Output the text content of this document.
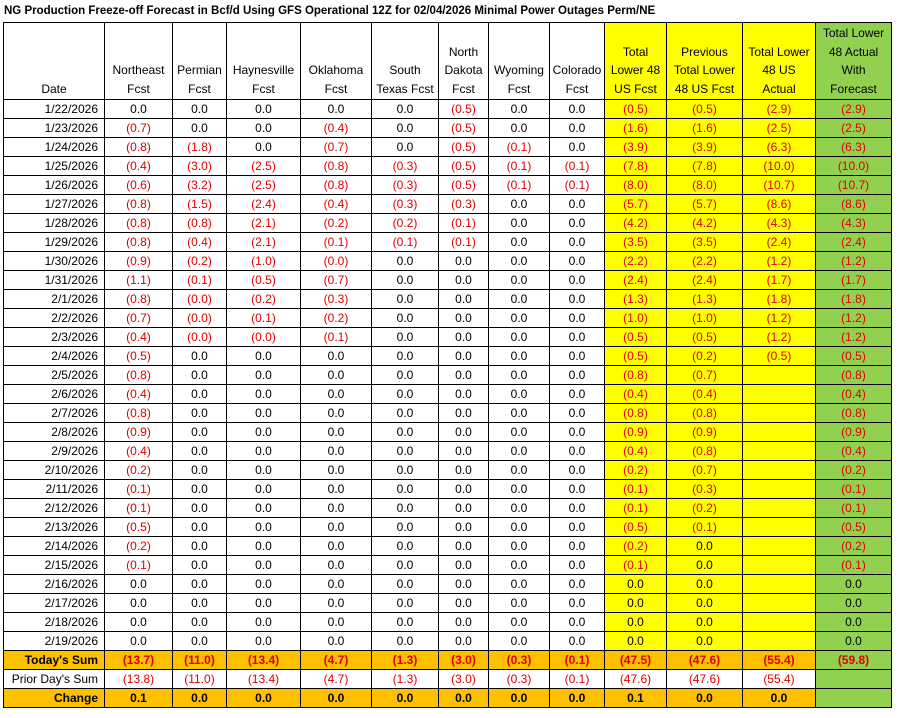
NG Production Freeze-off Forecast in Bcf/d Using GFS Operational 12Z for 02/04/2026 Minimal Power Outages Perm/NE
Date	Northeast Fcst	Permian Fcst	Haynesville Fcst	Oklahoma Fcst	South Texas Fcst	North Dakota Fcst	Wyoming Fcst	Colorado Fcst	Total Lower 48 US Fcst	Previous Total Lower 48 US Fcst	Total Lower 48 US Actual	Total Lower 48 Actual With Forecast
1/22/2026	0.0	0.0	0.0	0.0	0.0	(0.5)	0.0	0.0	(0.5)	(0.5)	(2.9)	(2.9)
1/23/2026	(0.7)	0.0	0.0	(0.4)	0.0	(0.5)	0.0	0.0	(1.6)	(1.6)	(2.5)	(2.5)
1/24/2026	(0.8)	(1.8)	0.0	(0.7)	0.0	(0.5)	(0.1)	0.0	(3.9)	(3.9)	(6.3)	(6.3)
1/25/2026	(0.4)	(3.0)	(2.5)	(0.8)	(0.3)	(0.5)	(0.1)	(0.1)	(7.8)	(7.8)	(10.0)	(10.0)
1/26/2026	(0.6)	(3.2)	(2.5)	(0.8)	(0.3)	(0.5)	(0.1)	(0.1)	(8.0)	(8.0)	(10.7)	(10.7)
1/27/2026	(0.8)	(1.5)	(2.4)	(0.4)	(0.3)	(0.3)	0.0	0.0	(5.7)	(5.7)	(8.6)	(8.6)
1/28/2026	(0.8)	(0.8)	(2.1)	(0.2)	(0.2)	(0.1)	0.0	0.0	(4.2)	(4.2)	(4.3)	(4.3)
1/29/2026	(0.8)	(0.4)	(2.1)	(0.1)	(0.1)	(0.1)	0.0	0.0	(3.5)	(3.5)	(2.4)	(2.4)
1/30/2026	(0.9)	(0.2)	(1.0)	(0.0)	0.0	0.0	0.0	0.0	(2.2)	(2.2)	(1.2)	(1.2)
1/31/2026	(1.1)	(0.1)	(0.5)	(0.7)	0.0	0.0	0.0	0.0	(2.4)	(2.4)	(1.7)	(1.7)
2/1/2026	(0.8)	(0.0)	(0.2)	(0.3)	0.0	0.0	0.0	0.0	(1.3)	(1.3)	(1.8)	(1.8)
2/2/2026	(0.7)	(0.0)	(0.1)	(0.2)	0.0	0.0	0.0	0.0	(1.0)	(1.0)	(1.2)	(1.2)
2/3/2026	(0.4)	(0.0)	(0.0)	(0.1)	0.0	0.0	0.0	0.0	(0.5)	(0.5)	(1.2)	(1.2)
2/4/2026	(0.5)	0.0	0.0	0.0	0.0	0.0	0.0	0.0	(0.5)	(0.2)	(0.5)	(0.5)
2/5/2026	(0.8)	0.0	0.0	0.0	0.0	0.0	0.0	0.0	(0.8)	(0.7)		(0.8)
2/6/2026	(0.4)	0.0	0.0	0.0	0.0	0.0	0.0	0.0	(0.4)	(0.4)		(0.4)
2/7/2026	(0.8)	0.0	0.0	0.0	0.0	0.0	0.0	0.0	(0.8)	(0.8)		(0.8)
2/8/2026	(0.9)	0.0	0.0	0.0	0.0	0.0	0.0	0.0	(0.9)	(0.9)		(0.9)
2/9/2026	(0.4)	0.0	0.0	0.0	0.0	0.0	0.0	0.0	(0.4)	(0.8)		(0.4)
2/10/2026	(0.2)	0.0	0.0	0.0	0.0	0.0	0.0	0.0	(0.2)	(0.7)		(0.2)
2/11/2026	(0.1)	0.0	0.0	0.0	0.0	0.0	0.0	0.0	(0.1)	(0.3)		(0.1)
2/12/2026	(0.1)	0.0	0.0	0.0	0.0	0.0	0.0	0.0	(0.1)	(0.2)		(0.1)
2/13/2026	(0.5)	0.0	0.0	0.0	0.0	0.0	0.0	0.0	(0.5)	(0.1)		(0.5)
2/14/2026	(0.2)	0.0	0.0	0.0	0.0	0.0	0.0	0.0	(0.2)	0.0		(0.2)
2/15/2026	(0.1)	0.0	0.0	0.0	0.0	0.0	0.0	0.0	(0.1)	0.0		(0.1)
2/16/2026	0.0	0.0	0.0	0.0	0.0	0.0	0.0	0.0	0.0	0.0		0.0
2/17/2026	0.0	0.0	0.0	0.0	0.0	0.0	0.0	0.0	0.0	0.0		0.0
2/18/2026	0.0	0.0	0.0	0.0	0.0	0.0	0.0	0.0	0.0	0.0		0.0
2/19/2026	0.0	0.0	0.0	0.0	0.0	0.0	0.0	0.0	0.0	0.0		0.0
Today's Sum	(13.7)	(11.0)	(13.4)	(4.7)	(1.3)	(3.0)	(0.3)	(0.1)	(47.5)	(47.6)	(55.4)	(59.8)
Prior Day's Sum	(13.8)	(11.0)	(13.4)	(4.7)	(1.3)	(3.0)	(0.3)	(0.1)	(47.6)	(47.6)	(55.4)	
Change	0.1	0.0	0.0	0.0	0.0	0.0	0.0	0.0	0.1	0.0	0.0	
